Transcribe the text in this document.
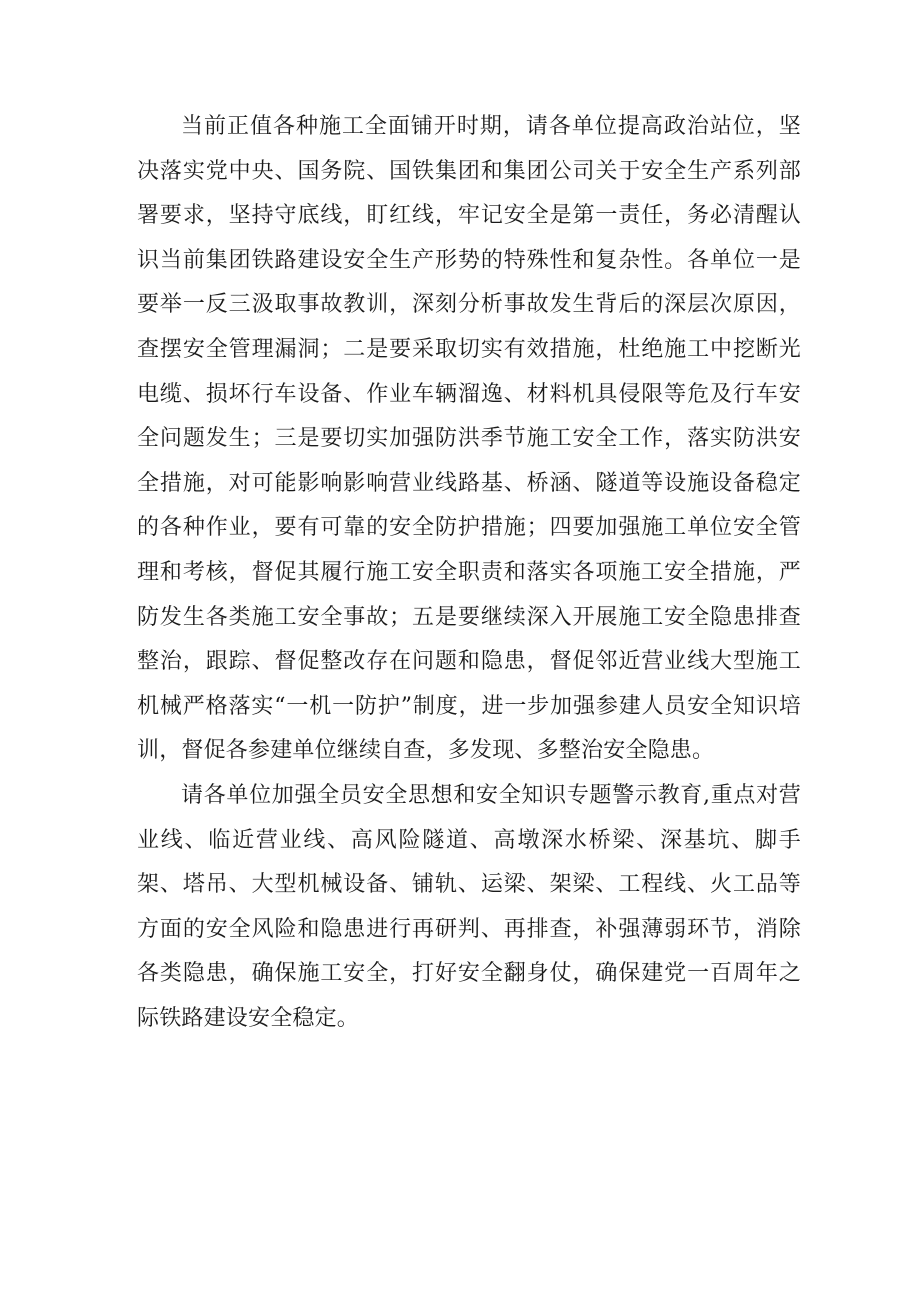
当前正值各种施工全面铺开时期，请各单位提高政治站位，坚决落实党中央、国务院、国铁集团和集团公司关于安全生产系列部署要求，坚持守底线，盯红线，牢记安全是第一责任，务必清醒认识当前集团铁路建设安全生产形势的特殊性和复杂性。各单位一是要举一反三汲取事故教训，深刻分析事故发生背后的深层次原因，查摆安全管理漏洞；二是要采取切实有效措施，杜绝施工中挖断光电缆、损坏行车设备、作业车辆溜逸、材料机具侵限等危及行车安全问题发生；三是要切实加强防洪季节施工安全工作，落实防洪安全措施，对可能影响影响营业线路基、桥涵、隧道等设施设备稳定的各种作业，要有可靠的安全防护措施；四要加强施工单位安全管理和考核，督促其履行施工安全职责和落实各项施工安全措施，严防发生各类施工安全事故；五是要继续深入开展施工安全隐患排查整治，跟踪、督促整改存在问题和隐患，督促邻近营业线大型施工机械严格落实“一机一防护”制度，进一步加强参建人员安全知识培训，督促各参建单位继续自查，多发现、多整治安全隐患。

请各单位加强全员安全思想和安全知识专题警示教育,重点对营业线、临近营业线、高风险隧道、高墩深水桥梁、深基坑、脚手架、塔吊、大型机械设备、铺轨、运梁、架梁、工程线、火工品等方面的安全风险和隐患进行再研判、再排查，补强薄弱环节，消除各类隐患，确保施工安全，打好安全翻身仗，确保建党一百周年之际铁路建设安全稳定。
